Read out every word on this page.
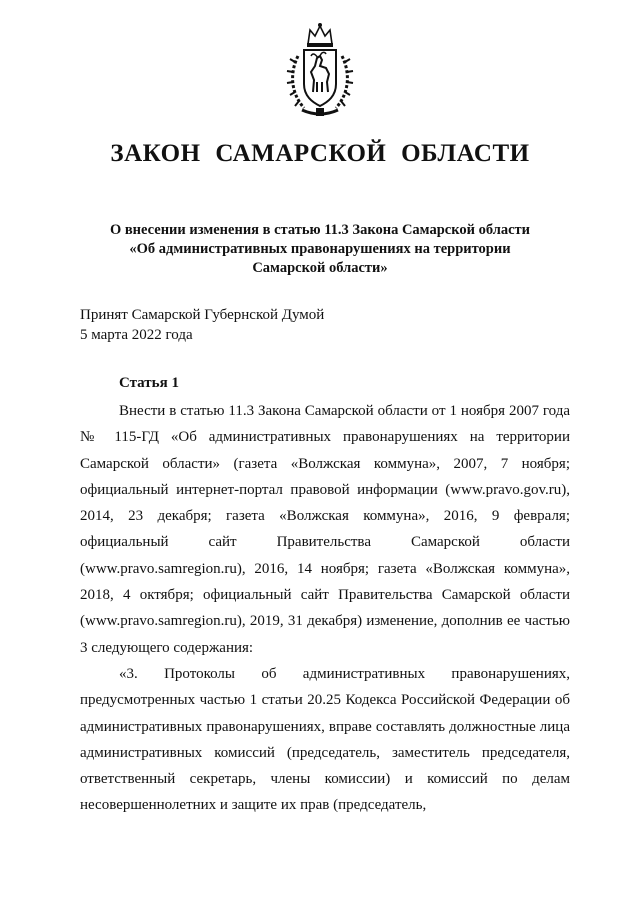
ЗАКОН САМАРСКОЙ ОБЛАСТИ
О внесении изменения в статью 11.3 Закона Самарской области
«Об административных правонарушениях на территории
Самарской области»
Принят Самарской Губернской Думой
5 марта 2022 года
Статья 1

Внести в статью 11.3 Закона Самарской области от 1 ноября 2007 года № 115-ГД «Об административных правонарушениях на территории Самарской области» (газета «Волжская коммуна», 2007, 7 ноября; официальный интернет-портал правовой информации (www.pravo.gov.ru), 2014, 23 декабря; газета «Волжская коммуна», 2016, 9 февраля; официальный сайт Правительства Самарской области (www.pravo.samregion.ru), 2016, 14 ноября; газета «Волжская коммуна», 2018, 4 октября; официальный сайт Правительства Самарской области (www.pravo.samregion.ru), 2019, 31 декабря) изменение, дополнив ее частью 3 следующего содержания:

«3. Протоколы об административных правонарушениях, предусмотренных частью 1 статьи 20.25 Кодекса Российской Федерации об административных правонарушениях, вправе составлять должностные лица административных комиссий (председатель, заместитель председателя, ответственный секретарь, члены комиссии) и комиссий по делам несовершеннолетних и защите их прав (председатель,
